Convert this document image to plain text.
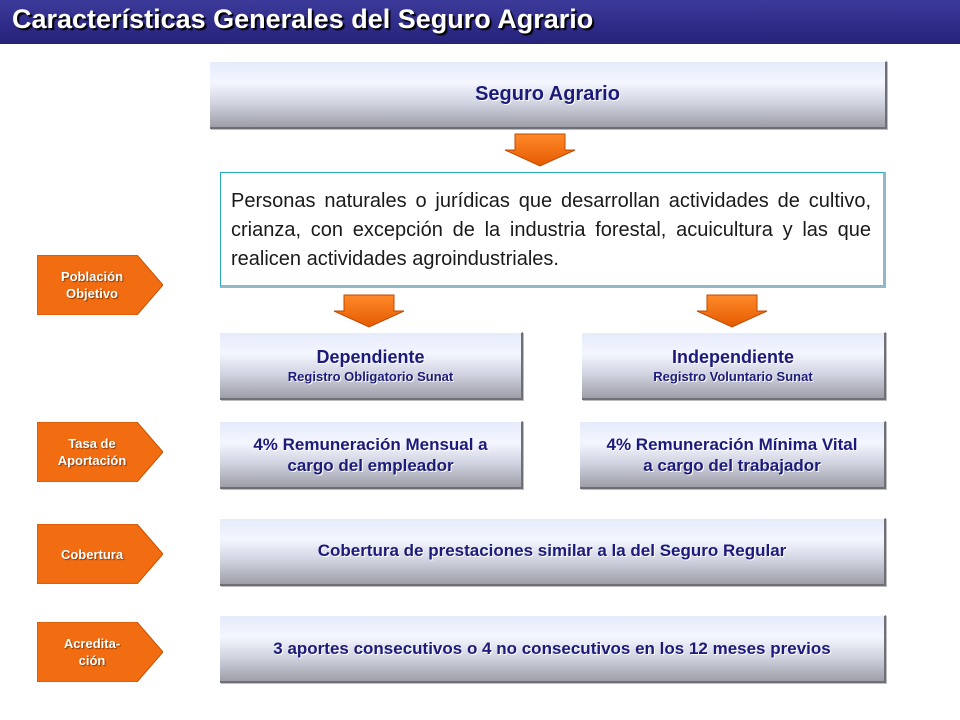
Características Generales del Seguro Agrario
Seguro Agrario
Personas naturales o jurídicas que desarrollan actividades de cultivo, crianza, con excepción de la industria forestal, acuicultura y las que realicen actividades agroindustriales.
Población
Objetivo
Tasa de
Aportación
Cobertura
Acredita-
ción
Dependiente
Registro Obligatorio Sunat
Independiente
Registro Voluntario Sunat
4% Remuneración Mensual a
cargo del empleador
4% Remuneración Mínima Vital
a cargo del trabajador
Cobertura de prestaciones similar a la del Seguro Regular
3 aportes consecutivos o 4 no consecutivos en los 12 meses previos
